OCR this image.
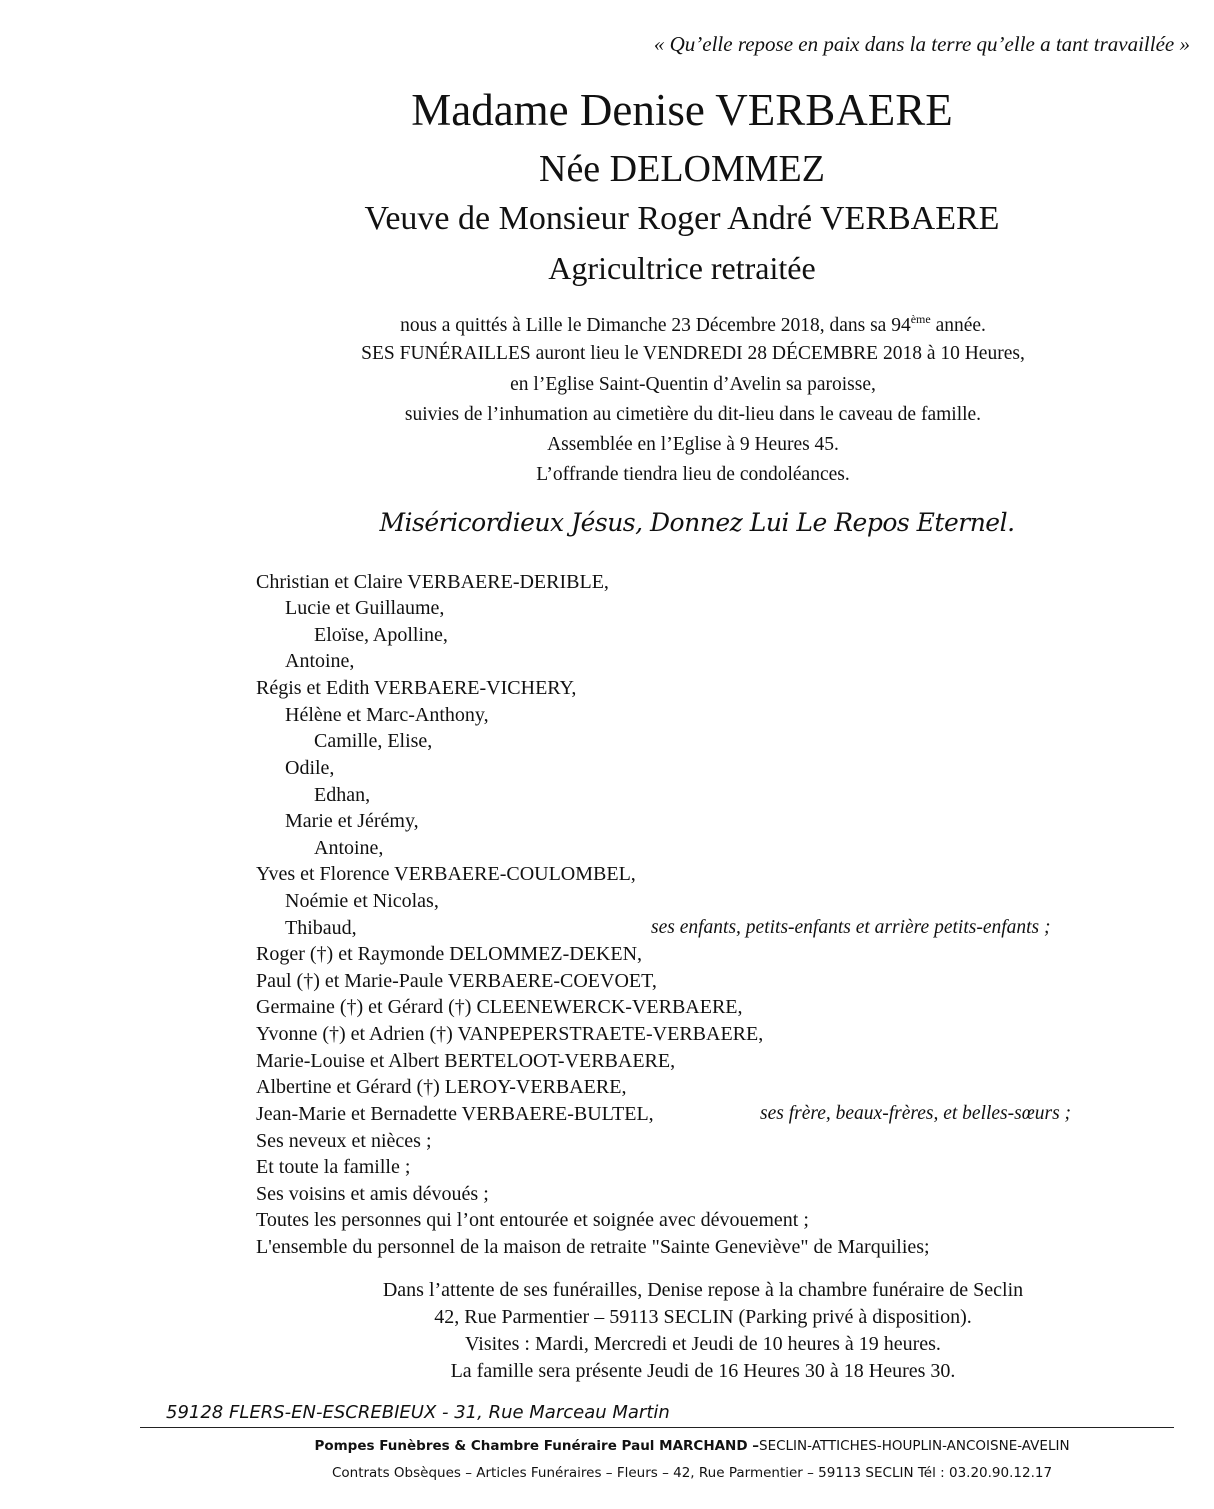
« Qu’elle repose en paix dans la terre qu’elle a tant travaillée »
Madame Denise VERBAERE
Née DELOMMEZ
Veuve de Monsieur Roger André VERBAERE
Agricultrice retraitée
nous a quittés à Lille le Dimanche 23 Décembre 2018, dans sa 94ème année.
SES FUNÉRAILLES auront lieu le VENDREDI 28 DÉCEMBRE 2018 à 10 Heures,
en l’Eglise Saint-Quentin d’Avelin sa paroisse,
suivies de l’inhumation au cimetière du dit-lieu dans le caveau de famille.
Assemblée en l’Eglise à 9 Heures 45.
L’offrande tiendra lieu de condoléances.
Miséricordieux Jésus, Donnez Lui Le Repos Eternel.
Christian et Claire VERBAERE-DERIBLE,
Lucie et Guillaume,
Eloïse, Apolline,
Antoine,
Régis et Edith VERBAERE-VICHERY,
Hélène et Marc-Anthony,
Camille, Elise,
Odile,
Edhan,
Marie et Jérémy,
Antoine,
Yves et Florence VERBAERE-COULOMBEL,
Noémie et Nicolas,
Thibaud,	ses enfants, petits-enfants et arrière petits-enfants ;
Roger (†) et Raymonde DELOMMEZ-DEKEN,
Paul (†) et Marie-Paule VERBAERE-COEVOET,
Germaine (†) et Gérard (†) CLEENEWERCK-VERBAERE,
Yvonne (†) et Adrien (†) VANPEPERSTRAETE-VERBAERE,
Marie-Louise et Albert BERTELOOT-VERBAERE,
Albertine et Gérard (†) LEROY-VERBAERE,
Jean-Marie et Bernadette VERBAERE-BULTEL,	ses frère, beaux-frères, et belles-sœurs ;
Ses neveux et nièces ;
Et toute la famille ;
Ses voisins et amis dévoués ;
Toutes les personnes qui l’ont entourée et soignée avec dévouement ;
L'ensemble du personnel de la maison de retraite "Sainte Geneviève" de Marquilies;
Dans l’attente de ses funérailles, Denise repose à la chambre funéraire de Seclin
42, Rue Parmentier – 59113 SECLIN (Parking privé à disposition).
Visites : Mardi, Mercredi et Jeudi de 10 heures à 19 heures.
La famille sera présente Jeudi de 16 Heures 30 à 18 Heures 30.
59128 FLERS-EN-ESCREBIEUX - 31, Rue Marceau Martin
Pompes Funèbres & Chambre Funéraire Paul MARCHAND –SECLIN-ATTICHES-HOUPLIN-ANCOISNE-AVELIN
Contrats Obsèques – Articles Funéraires – Fleurs – 42, Rue Parmentier – 59113 SECLIN Tél : 03.20.90.12.17
